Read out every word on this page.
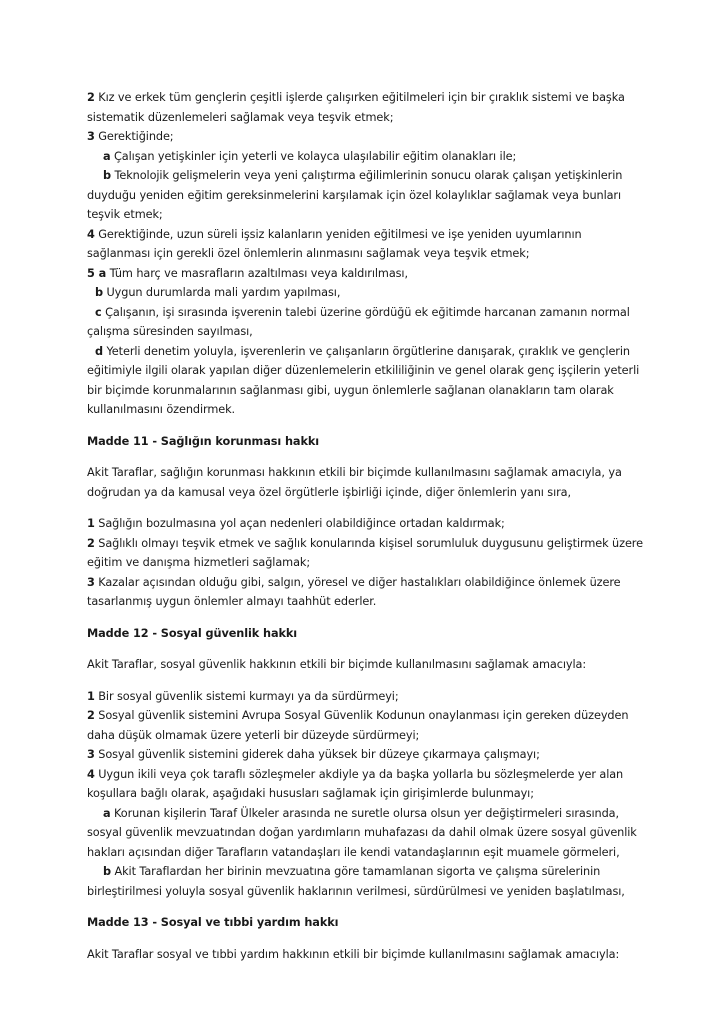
2 Kız ve erkek tüm gençlerin çeşitli işlerde çalışırken eğitilmeleri için bir çıraklık sistemi ve başka
sistematik düzenlemeleri sağlamak veya teşvik etmek;
3 Gerektiğinde;
a Çalışan yetişkinler için yeterli ve kolayca ulaşılabilir eğitim olanakları ile;
b Teknolojik gelişmelerin veya yeni çalıştırma eğilimlerinin sonucu olarak çalışan yetişkinlerin
duyduğu yeniden eğitim gereksinmelerini karşılamak için özel kolaylıklar sağlamak veya bunları
teşvik etmek;
4 Gerektiğinde, uzun süreli işsiz kalanların yeniden eğitilmesi ve işe yeniden uyumlarının
sağlanması için gerekli özel önlemlerin alınmasını sağlamak veya teşvik etmek;
5 a Tüm harç ve masrafların azaltılması veya kaldırılması,
b Uygun durumlarda mali yardım yapılması,
c Çalışanın, işi sırasında işverenin talebi üzerine gördüğü ek eğitimde harcanan zamanın normal
çalışma süresinden sayılması,
d Yeterli denetim yoluyla, işverenlerin ve çalışanların örgütlerine danışarak, çıraklık ve gençlerin
eğitimiyle ilgili olarak yapılan diğer düzenlemelerin etkililiğinin ve genel olarak genç işçilerin yeterli
bir biçimde korunmalarının sağlanması gibi, uygun önlemlerle sağlanan olanakların tam olarak
kullanılmasını özendirmek.
Madde 11 - Sağlığın korunması hakkı
Akit Taraflar, sağlığın korunması hakkının etkili bir biçimde kullanılmasını sağlamak amacıyla, ya
doğrudan ya da kamusal veya özel örgütlerle işbirliği içinde, diğer önlemlerin yanı sıra,
1 Sağlığın bozulmasına yol açan nedenleri olabildiğince ortadan kaldırmak;
2 Sağlıklı olmayı teşvik etmek ve sağlık konularında kişisel sorumluluk duygusunu geliştirmek üzere
eğitim ve danışma hizmetleri sağlamak;
3 Kazalar açısından olduğu gibi, salgın, yöresel ve diğer hastalıkları olabildiğince önlemek üzere
tasarlanmış uygun önlemler almayı taahhüt ederler.
Madde 12 - Sosyal güvenlik hakkı
Akit Taraflar, sosyal güvenlik hakkının etkili bir biçimde kullanılmasını sağlamak amacıyla:
1 Bir sosyal güvenlik sistemi kurmayı ya da sürdürmeyi;
2 Sosyal güvenlik sistemini Avrupa Sosyal Güvenlik Kodunun onaylanması için gereken düzeyden
daha düşük olmamak üzere yeterli bir düzeyde sürdürmeyi;
3 Sosyal güvenlik sistemini giderek daha yüksek bir düzeye çıkarmaya çalışmayı;
4 Uygun ikili veya çok taraflı sözleşmeler akdiyle ya da başka yollarla bu sözleşmelerde yer alan
koşullara bağlı olarak, aşağıdaki hususları sağlamak için girişimlerde bulunmayı;
a Korunan kişilerin Taraf Ülkeler arasında ne suretle olursa olsun yer değiştirmeleri sırasında,
sosyal güvenlik mevzuatından doğan yardımların muhafazası da dahil olmak üzere sosyal güvenlik
hakları açısından diğer Tarafların vatandaşları ile kendi vatandaşlarının eşit muamele görmeleri,
b Akit Taraflardan her birinin mevzuatına göre tamamlanan sigorta ve çalışma sürelerinin
birleştirilmesi yoluyla sosyal güvenlik haklarının verilmesi, sürdürülmesi ve yeniden başlatılması,
Madde 13 - Sosyal ve tıbbi yardım hakkı
Akit Taraflar sosyal ve tıbbi yardım hakkının etkili bir biçimde kullanılmasını sağlamak amacıyla:
